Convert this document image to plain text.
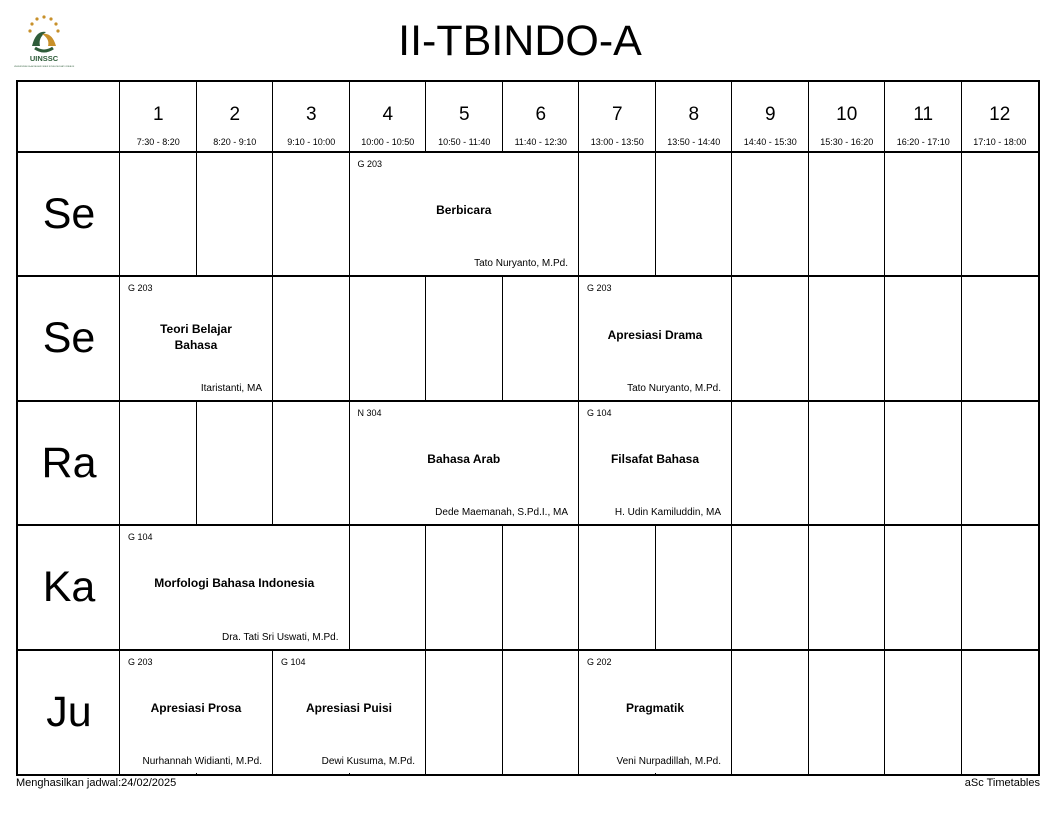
UINSSC
UNIVERSITAS ISLAM NEGERI SIBER SYEKH NURJATI CIREBON
II-TBINDO-A
1
7:30 - 8:20
2
8:20 - 9:10
3
9:10 - 10:00
4
10:00 - 10:50
5
10:50 - 11:40
6
11:40 - 12:30
7
13:00 - 13:50
8
13:50 - 14:40
9
14:40 - 15:30
10
15:30 - 16:20
11
16:20 - 17:10
12
17:10 - 18:00
Se
Se
Ra
Ka
Ju
G 203
Berbicara
Tato Nuryanto, M.Pd.
G 203
Teori Belajar Bahasa
Itaristanti, MA
G 203
Apresiasi Drama
Tato Nuryanto, M.Pd.
N 304
Bahasa Arab
Dede Maemanah, S.Pd.I., MA
G 104
Filsafat Bahasa
H. Udin Kamiluddin, MA
G 104
Morfologi Bahasa Indonesia
Dra. Tati Sri Uswati, M.Pd.
G 203
Apresiasi Prosa
Nurhannah Widianti, M.Pd.
G 104
Apresiasi Puisi
Dewi Kusuma, M.Pd.
G 202
Pragmatik
Veni Nurpadillah, M.Pd.
Menghasilkan jadwal:24/02/2025	aSc Timetables
